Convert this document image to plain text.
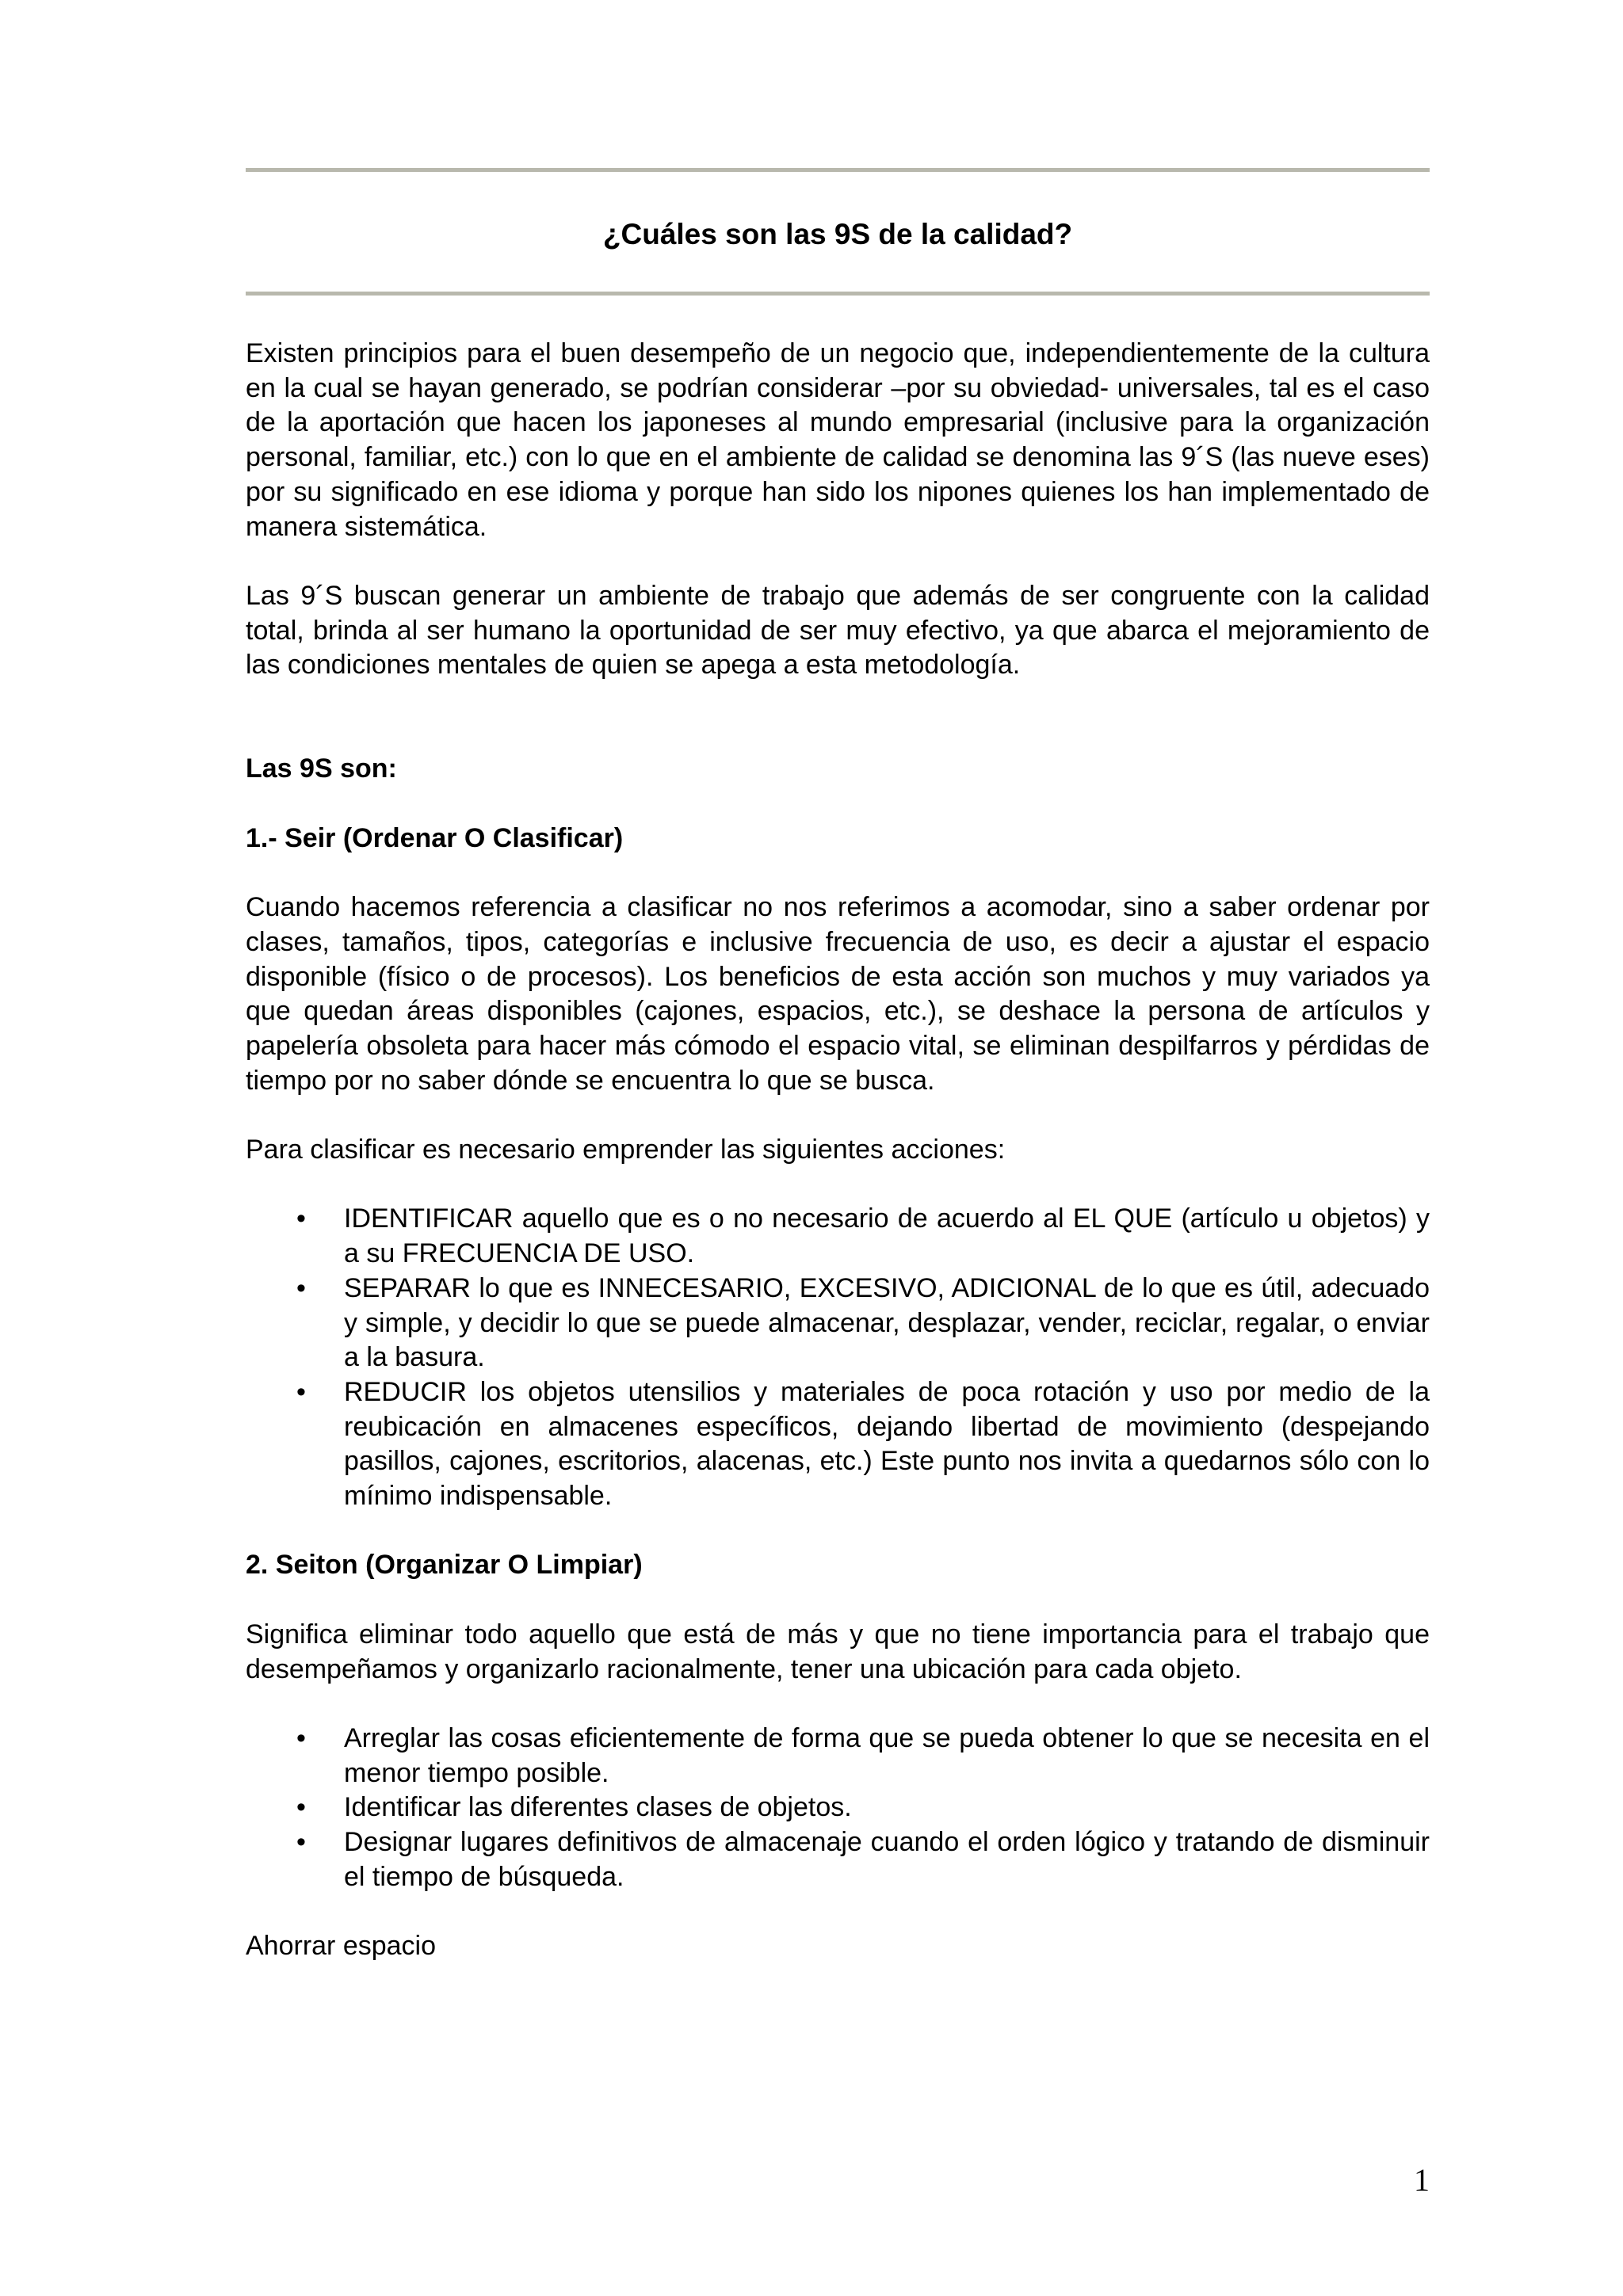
¿Cuáles son las 9S de la calidad?

Existen principios para el buen desempeño de un negocio que, independientemente de la cultura en la cual se hayan generado, se podrían considerar –por su obviedad- universales, tal es el caso de la aportación que hacen los japoneses al mundo empresarial (inclusive para la organización personal, familiar, etc.) con lo que en el ambiente de calidad se denomina las 9´S (las nueve eses) por su significado en ese idioma y porque han sido los nipones quienes los han implementado de manera sistemática.

Las 9´S buscan generar un ambiente de trabajo que además de ser congruente con la calidad total, brinda al ser humano la oportunidad de ser muy efectivo, ya que abarca el mejoramiento de las condiciones mentales de quien se apega a esta metodología.

Las 9S son:
1.- Seir (Ordenar O Clasificar)

Cuando hacemos referencia a clasificar no nos referimos a acomodar, sino a saber ordenar por clases, tamaños, tipos, categorías e inclusive frecuencia de uso, es decir a ajustar el espacio disponible (físico o de procesos). Los beneficios de esta acción son muchos y muy variados ya que quedan áreas disponibles (cajones, espacios, etc.), se deshace la persona de artículos y papelería obsoleta para hacer más cómodo el espacio vital, se eliminan despilfarros y pérdidas de tiempo por no saber dónde se encuentra lo que se busca.

Para clasificar es necesario emprender las siguientes acciones:

• IDENTIFICAR aquello que es o no necesario de acuerdo al EL QUE (artículo u objetos) y a su FRECUENCIA DE USO.
• SEPARAR lo que es INNECESARIO, EXCESIVO, ADICIONAL de lo que es útil, adecuado y simple, y decidir lo que se puede almacenar, desplazar, vender, reciclar, regalar, o enviar a la basura.
• REDUCIR los objetos utensilios y materiales de poca rotación y uso por medio de la reubicación en almacenes específicos, dejando libertad de movimiento (despejando pasillos, cajones, escritorios, alacenas, etc.) Este punto nos invita a quedarnos sólo con lo mínimo indispensable.
2. Seiton (Organizar O Limpiar)

Significa eliminar todo aquello que está de más y que no tiene importancia para el trabajo que desempeñamos y organizarlo racionalmente, tener una ubicación para cada objeto.

• Arreglar las cosas eficientemente de forma que se pueda obtener lo que se necesita en el menor tiempo posible.
• Identificar las diferentes clases de objetos.
• Designar lugares definitivos de almacenaje cuando el orden lógico y tratando de disminuir el tiempo de búsqueda.

Ahorrar espacio

1
